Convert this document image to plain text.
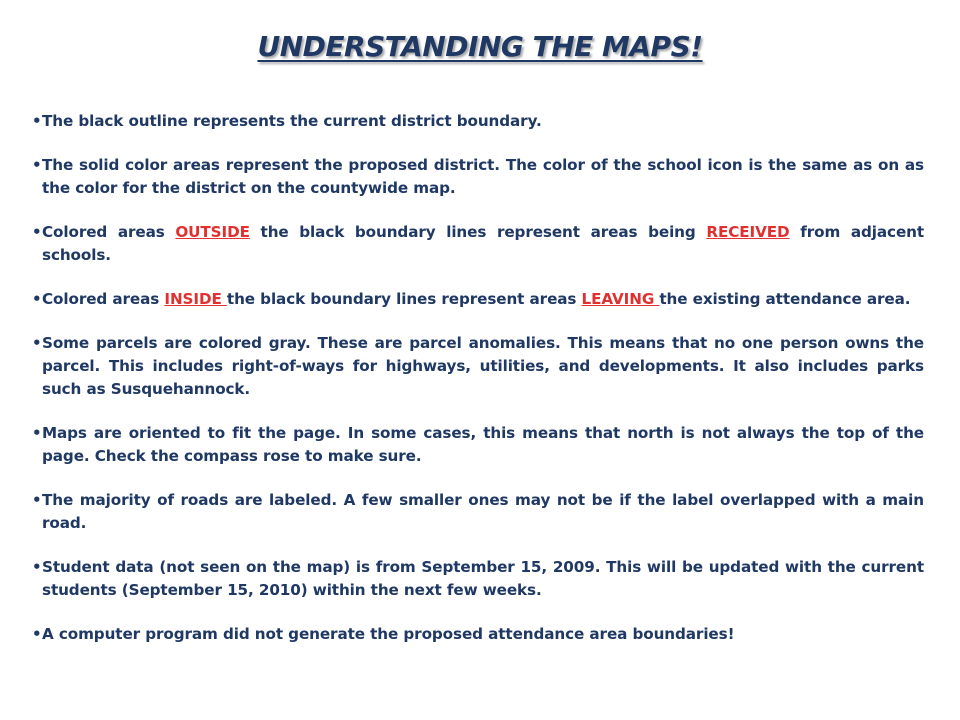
UNDERSTANDING THE MAPS!
• The black outline represents the current district boundary.
• The solid color areas represent the proposed district. The color of the school icon is the same as on as the color for the district on the countywide map.
• Colored areas OUTSIDE the black boundary lines represent areas being RECEIVED from adjacent schools.
• Colored areas INSIDE the black boundary lines represent areas LEAVING the existing attendance area.
• Some parcels are colored gray. These are parcel anomalies. This means that no one person owns the parcel. This includes right-of-ways for highways, utilities, and developments. It also includes parks such as Susquehannock.
• Maps are oriented to fit the page. In some cases, this means that north is not always the top of the page. Check the compass rose to make sure.
• The majority of roads are labeled. A few smaller ones may not be if the label overlapped with a main road.
• Student data (not seen on the map) is from September 15, 2009. This will be updated with the current students (September 15, 2010) within the next few weeks.
• A computer program did not generate the proposed attendance area boundaries!
